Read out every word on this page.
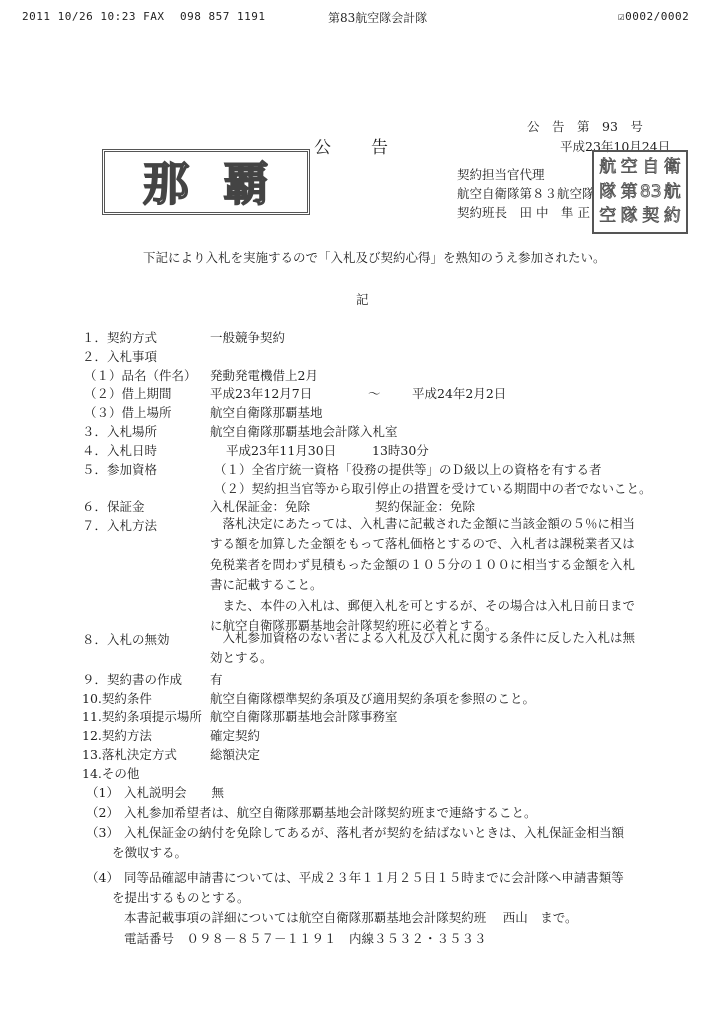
2011 10/26 10:23 FAX 098 857 1191	第83航空隊会計隊	☑0002/0002
公　告　第　93　号
平成23年10月24日
公　　告
那覇	契約担当官代理
航空自衛隊第８３航空隊
契約班長　田 中　隼 正
航 空 自 衛
隊 第 83 航
空 隊 契 約
下記により入札を実施するので「入札及び契約心得」を熟知のうえ参加されたい。
記
１．契約方式	一般競争契約
２．入札事項
（１）品名（件名） 発動発電機借上2月
（２）借上期間	平成23年12月7日	～	平成24年2月2日
（３）借上場所	航空自衛隊那覇基地
３．入札場所	航空自衛隊那覇基地会計隊入札室
４．入札日時	平成23年11月30日	13時30分
５．参加資格	（１）全省庁統一資格「役務の提供等」のＤ級以上の資格を有する者
（２）契約担当官等から取引停止の措置を受けている期間中の者でないこと。
６．保証金	入札保証金：免除	契約保証金：免除
７．入札方法	　落札決定にあたっては、入札書に記載された金額に当該金額の５％に相当
する額を加算した金額をもって落札価格とするので、入札者は課税業者又は
免税業者を問わず見積もった金額の１０５分の１００に相当する金額を入札
書に記載すること。
　また、本件の入札は、郵便入札を可とするが、その場合は入札日前日まで
に航空自衛隊那覇基地会計隊契約班に必着とする。
８．入札の無効	　入札参加資格のない者による入札及び入札に関する条件に反した入札は無
効とする。
９．契約書の作成 有
10.契約条件	航空自衛隊標準契約条項及び適用契約条項を参照のこと。
11.契約条項提示場所 航空自衛隊那覇基地会計隊事務室
12.契約方法	確定契約
13.落札決定方式	総額決定
14.その他
（1） 入札説明会　　無
（2） 入札参加希望者は、航空自衛隊那覇基地会計隊契約班まで連絡すること。
（3） 入札保証金の納付を免除してあるが、落札者が契約を結ばないときは、入札保証金相当額
を徴収する。
（4） 同等品確認申請書については、平成２３年１１月２５日１５時までに会計隊へ申請書類等
を提出するものとする。
本書記載事項の詳細については航空自衛隊那覇基地会計隊契約班　 西山　まで。
電話番号　０９８－８５７－１１９１　内線３５３２・３５３３
